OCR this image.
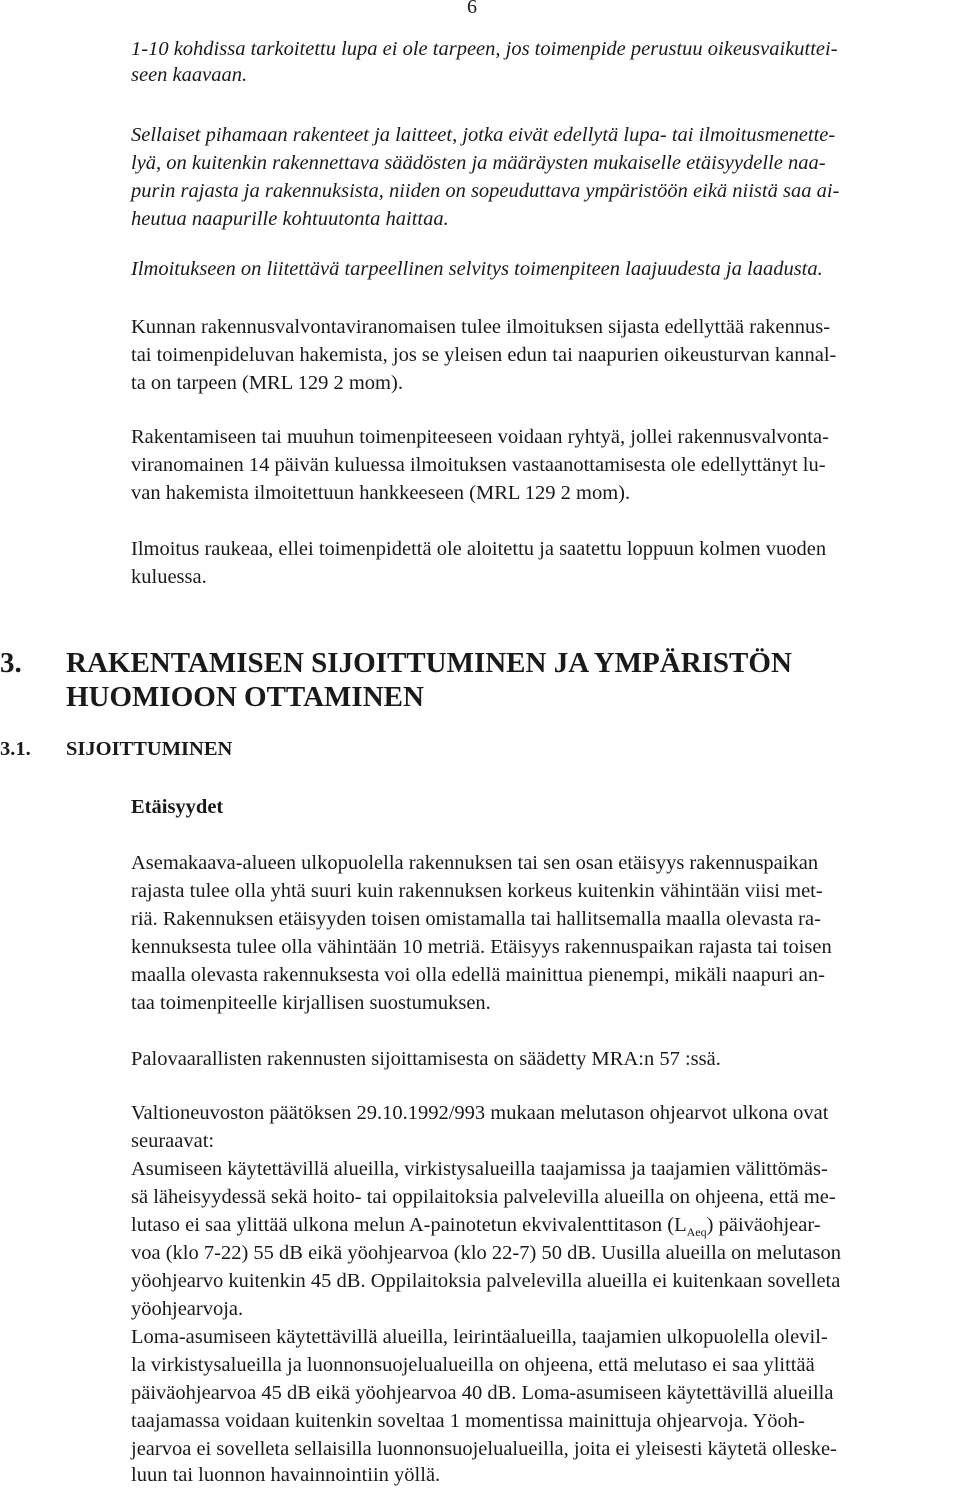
6
1-10 kohdissa tarkoitettu lupa ei ole tarpeen, jos toimenpide perustuu oikeusvaikuttei-
seen kaavaan.
Sellaiset pihamaan rakenteet ja laitteet, jotka eivät edellytä lupa- tai ilmoitusmenette-
lyä, on kuitenkin rakennettava säädösten ja määräysten mukaiselle etäisyydelle naa-
purin rajasta ja rakennuksista, niiden on sopeuduttava ympäristöön eikä niistä saa ai-
heutua naapurille kohtuutonta haittaa.
Ilmoitukseen on liitettävä tarpeellinen selvitys toimenpiteen laajuudesta ja laadusta.
Kunnan rakennusvalvontaviranomaisen tulee ilmoituksen sijasta edellyttää rakennus-
tai toimenpideluvan hakemista, jos se yleisen edun tai naapurien oikeusturvan kannal-
ta on tarpeen (MRL 129 2 mom).
Rakentamiseen tai muuhun toimenpiteeseen voidaan ryhtyä, jollei rakennusvalvonta-
viranomainen 14 päivän kuluessa ilmoituksen vastaanottamisesta ole edellyttänyt lu-
van hakemista ilmoitettuun hankkeeseen (MRL 129 2 mom).
Ilmoitus raukeaa, ellei toimenpidettä ole aloitettu ja saatettu loppuun kolmen vuoden
kuluessa.
3. RAKENTAMISEN SIJOITTUMINEN JA YMPÄRISTÖN
HUOMIOON OTTAMINEN
3.1. SIJOITTUMINEN
Etäisyydet
Asemakaava-alueen ulkopuolella rakennuksen tai sen osan etäisyys rakennuspaikan
rajasta tulee olla yhtä suuri kuin rakennuksen korkeus kuitenkin vähintään viisi met-
riä. Rakennuksen etäisyyden toisen omistamalla tai hallitsemalla maalla olevasta ra-
kennuksesta tulee olla vähintään 10 metriä. Etäisyys rakennuspaikan rajasta tai toisen
maalla olevasta rakennuksesta voi olla edellä mainittua pienempi, mikäli naapuri an-
taa toimenpiteelle kirjallisen suostumuksen.
Palovaarallisten rakennusten sijoittamisesta on säädetty MRA:n 57 :ssä.
Valtioneuvoston päätöksen 29.10.1992/993 mukaan melutason ohjearvot ulkona ovat
seuraavat:
Asumiseen käytettävillä alueilla, virkistysalueilla taajamissa ja taajamien välittömäs-
sä läheisyydessä sekä hoito- tai oppilaitoksia palvelevilla alueilla on ohjeena, että me-
lutaso ei saa ylittää ulkona melun A-painotetun ekvivalenttitason $(L_{Aeq})$ päiväohjear-
voa (klo 7-22) 55 dB eikä yöohjearvoa (klo 22-7) 50 dB. Uusilla alueilla on melutason
yöohjearvo kuitenkin 45 dB. Oppilaitoksia palvelevilla alueilla ei kuitenkaan sovelleta
yöohjearvoja.
Loma-asumiseen käytettävillä alueilla, leirintäalueilla, taajamien ulkopuolella olevil-
la virkistysalueilla ja luonnonsuojelualueilla on ohjeena, että melutaso ei saa ylittää
päiväohjearvoa 45 dB eikä yöohjearvoa 40 dB. Loma-asumiseen käytettävillä alueilla
taajamassa voidaan kuitenkin soveltaa 1 momentissa mainittuja ohjearvoja. Yöoh-
jearvoa ei sovelleta sellaisilla luonnonsuojelualueilla, joita ei yleisesti käytetä olleske-
luun tai luonnon havainnointiin yöllä.
